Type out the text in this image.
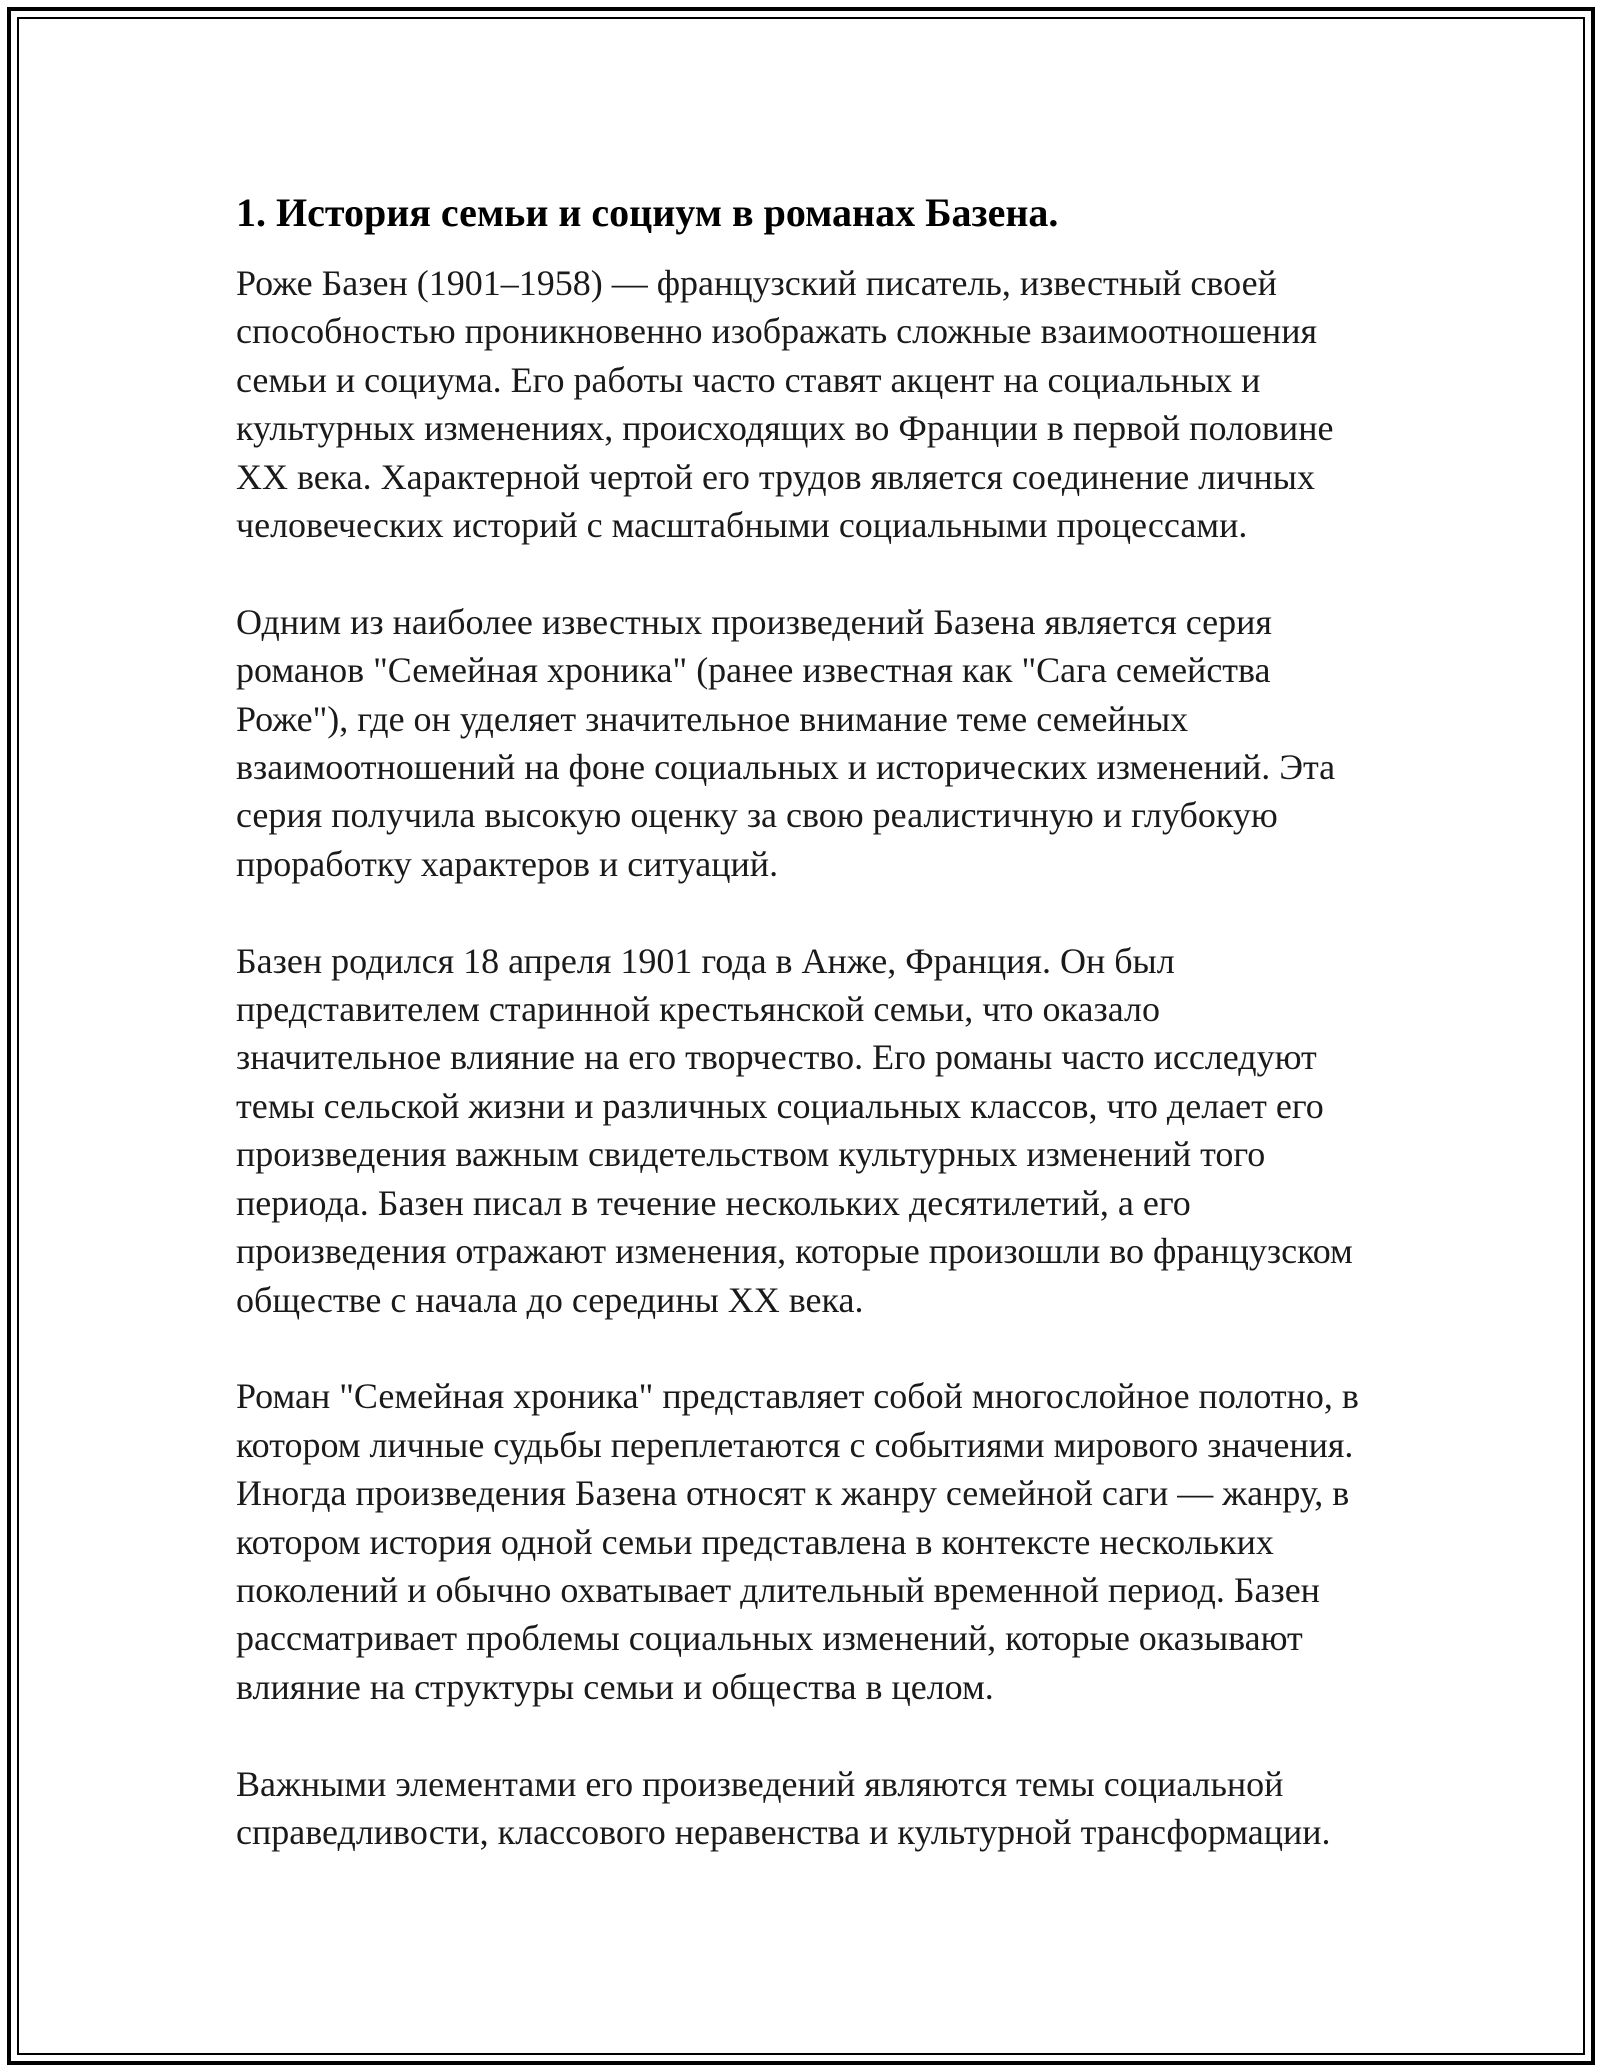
1. История семьи и социум в романах Базена.

Роже Базен (1901–1958) — французский писатель, известный своей способностью проникновенно изображать сложные взаимоотношения семьи и социума. Его работы часто ставят акцент на социальных и культурных изменениях, происходящих во Франции в первой половине XX века. Характерной чертой его трудов является соединение личных человеческих историй с масштабными социальными процессами.

Одним из наиболее известных произведений Базена является серия романов "Семейная хроника" (ранее известная как "Сага семейства Роже"), где он уделяет значительное внимание теме семейных взаимоотношений на фоне социальных и исторических изменений. Эта серия получила высокую оценку за свою реалистичную и глубокую проработку характеров и ситуаций.

Базен родился 18 апреля 1901 года в Анже, Франция. Он был представителем старинной крестьянской семьи, что оказало значительное влияние на его творчество. Его романы часто исследуют темы сельской жизни и различных социальных классов, что делает его произведения важным свидетельством культурных изменений того периода. Базен писал в течение нескольких десятилетий, а его произведения отражают изменения, которые произошли во французском обществе с начала до середины XX века.

Роман "Семейная хроника" представляет собой многослойное полотно, в котором личные судьбы переплетаются с событиями мирового значения. Иногда произведения Базена относят к жанру семейной саги — жанру, в котором история одной семьи представлена в контексте нескольких поколений и обычно охватывает длительный временной период. Базен рассматривает проблемы социальных изменений, которые оказывают влияние на структуры семьи и общества в целом.

Важными элементами его произведений являются темы социальной справедливости, классового неравенства и культурной трансформации.
